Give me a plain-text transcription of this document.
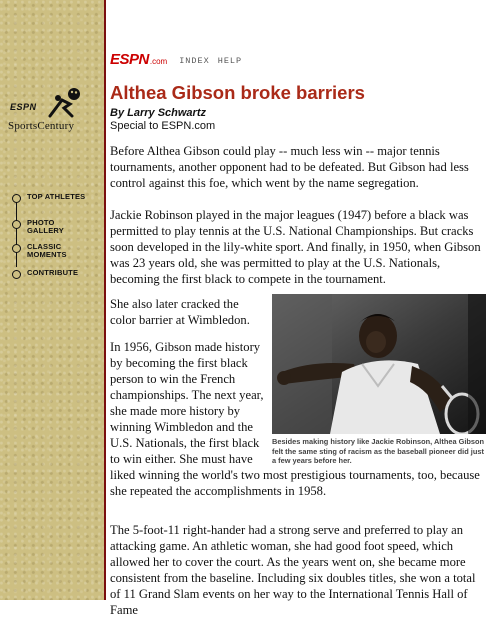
ESPN
SportsCentury
TOP ATHLETES
PHOTO GALLERY
CLASSIC MOMENTS
CONTRIBUTE
ESPN .com INDEX HELP
Althea Gibson broke barriers
By Larry Schwartz
Special to ESPN.com

Before Althea Gibson could play -- much less win -- major tennis tournaments, another opponent had to be defeated. But Gibson had less control against this foe, which went by the name segregation.

Jackie Robinson played in the major leagues (1947) before a black was permitted to play tennis at the U.S. National Championships. But cracks soon developed in the lily-white sport. And finally, in 1950, when Gibson was 23 years old, she was permitted to play at the U.S. Nationals, becoming the first black to compete in the tournament.

She also later cracked the color barrier at Wimbledon.

In 1956, Gibson made history by becoming the first black person to win the French championships. The next year, she made more history by winning Wimbledon and the U.S. Nationals, the first black to win either. She must have liked winning the world's two most prestigious tournaments, too, because she repeated the accomplishments in 1958.

The 5-foot-11 right-hander had a strong serve and preferred to play an attacking game. An athletic woman, she had good foot speed, which allowed her to cover the court. As the years went on, she became more consistent from the baseline. Including six doubles titles, she won a total of 11 Grand Slam events on her way to the International Tennis Hall of Fame

Besides making history like Jackie Robinson, Althea Gibson felt the same sting of racism as the baseball pioneer did just a few years before her.
